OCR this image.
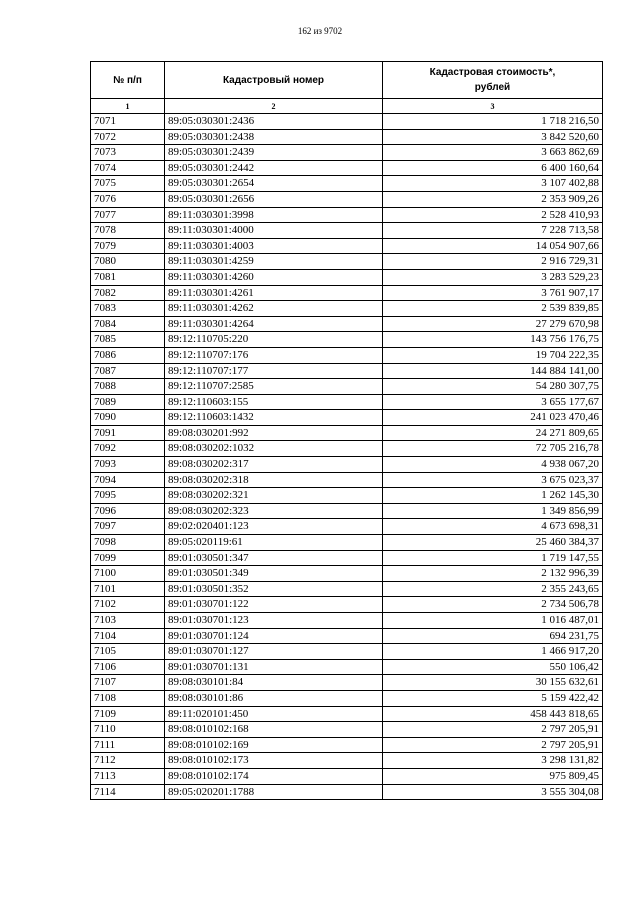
162 из 9702
№ п/п	Кадастровый номер	Кадастровая стоимость*,
рублей
1	2	3
7071	89:05:030301:2436	1 718 216,50
7072	89:05:030301:2438	3 842 520,60
7073	89:05:030301:2439	3 663 862,69
7074	89:05:030301:2442	6 400 160,64
7075	89:05:030301:2654	3 107 402,88
7076	89:05:030301:2656	2 353 909,26
7077	89:11:030301:3998	2 528 410,93
7078	89:11:030301:4000	7 228 713,58
7079	89:11:030301:4003	14 054 907,66
7080	89:11:030301:4259	2 916 729,31
7081	89:11:030301:4260	3 283 529,23
7082	89:11:030301:4261	3 761 907,17
7083	89:11:030301:4262	2 539 839,85
7084	89:11:030301:4264	27 279 670,98
7085	89:12:110705:220	143 756 176,75
7086	89:12:110707:176	19 704 222,35
7087	89:12:110707:177	144 884 141,00
7088	89:12:110707:2585	54 280 307,75
7089	89:12:110603:155	3 655 177,67
7090	89:12:110603:1432	241 023 470,46
7091	89:08:030201:992	24 271 809,65
7092	89:08:030202:1032	72 705 216,78
7093	89:08:030202:317	4 938 067,20
7094	89:08:030202:318	3 675 023,37
7095	89:08:030202:321	1 262 145,30
7096	89:08:030202:323	1 349 856,99
7097	89:02:020401:123	4 673 698,31
7098	89:05:020119:61	25 460 384,37
7099	89:01:030501:347	1 719 147,55
7100	89:01:030501:349	2 132 996,39
7101	89:01:030501:352	2 355 243,65
7102	89:01:030701:122	2 734 506,78
7103	89:01:030701:123	1 016 487,01
7104	89:01:030701:124	694 231,75
7105	89:01:030701:127	1 466 917,20
7106	89:01:030701:131	550 106,42
7107	89:08:030101:84	30 155 632,61
7108	89:08:030101:86	5 159 422,42
7109	89:11:020101:450	458 443 818,65
7110	89:08:010102:168	2 797 205,91
7111	89:08:010102:169	2 797 205,91
7112	89:08:010102:173	3 298 131,82
7113	89:08:010102:174	975 809,45
7114	89:05:020201:1788	3 555 304,08
